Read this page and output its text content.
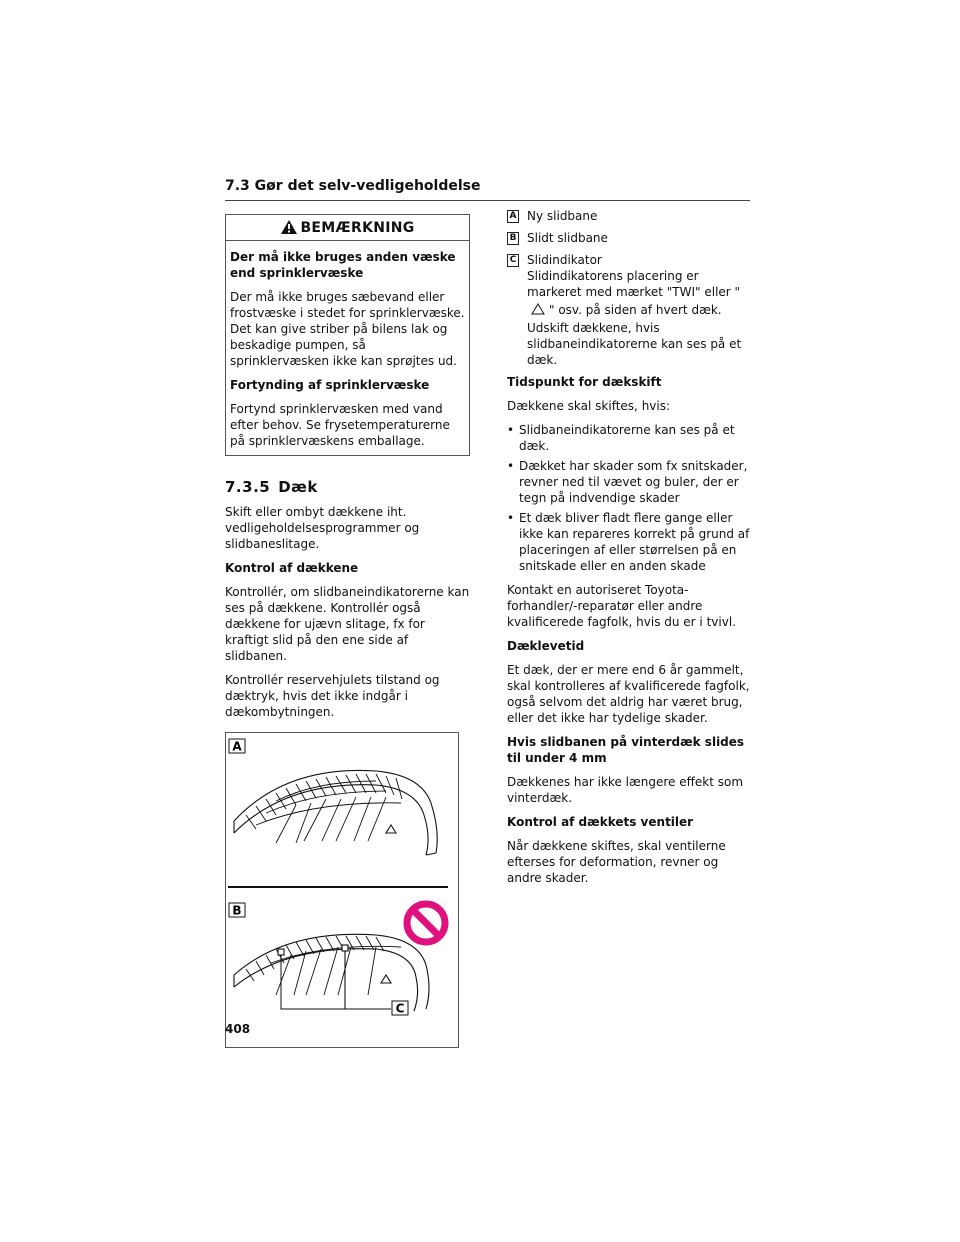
7.3 Gør det selv-vedligeholdelse
BEMÆRKNING

Der må ikke bruges anden væske end sprinklervæske

Der må ikke bruges sæbevand eller frostvæske i stedet for sprinklervæske. Det kan give striber på bilens lak og beskadige pumpen, så sprinklervæsken ikke kan sprøjtes ud.

Fortynding af sprinklervæske

Fortynd sprinklervæsken med vand efter behov. Se frysetemperaturerne på sprinklervæskens emballage.

7.3.5 Dæk

Skift eller ombyt dækkene iht. vedligeholdelsesprogrammer og slidbaneslitage.

Kontrol af dækkene

Kontrollér, om slidbaneindikatorerne kan ses på dækkene. Kontrollér også dækkene for ujævn slitage, fx for kraftigt slid på den ene side af slidbanen.

Kontrollér reservehjulets tilstand og dæktryk, hvis det ikke indgår i dækombytningen.

A
B
C
A Ny slidbane
B Slidt slidbane
C Slidindikator
Slidindikatorens placering er markeret med mærket "TWI" eller "
" osv. på siden af hvert dæk.
Udskift dækkene, hvis slidbaneindikatorerne kan ses på et dæk.

Tidspunkt for dækskift

Dækkene skal skiftes, hvis:

• Slidbaneindikatorerne kan ses på et dæk.
• Dækket har skader som fx snitskader, revner ned til vævet og buler, der er tegn på indvendige skader
• Et dæk bliver fladt flere gange eller ikke kan repareres korrekt på grund af placeringen af eller størrelsen på en snitskade eller en anden skade

Kontakt en autoriseret Toyota-forhandler/-reparatør eller andre kvalificerede fagfolk, hvis du er i tvivl.

Dæklevetid

Et dæk, der er mere end 6 år gammelt, skal kontrolleres af kvalificerede fagfolk, også selvom det aldrig har været brug, eller det ikke har tydelige skader.

Hvis slidbanen på vinterdæk slides til under 4 mm

Dækkenes har ikke længere effekt som vinterdæk.

Kontrol af dækkets ventiler

Når dækkene skiftes, skal ventilerne efterses for deformation, revner og andre skader.

408
